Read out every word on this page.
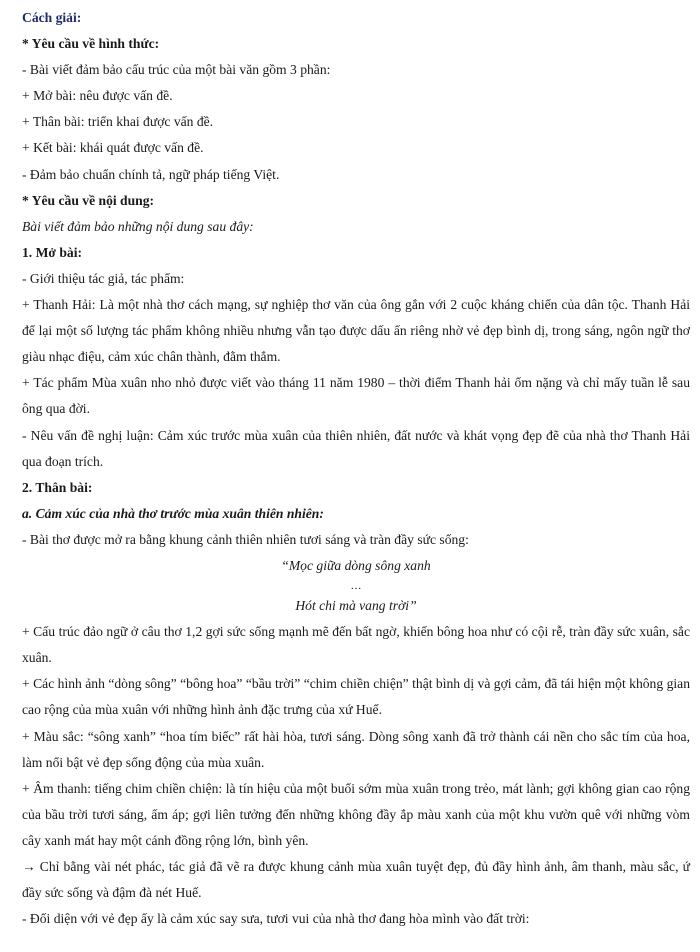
Cách giải:
* Yêu cầu về hình thức:
- Bài viết đảm bảo cấu trúc của một bài văn gồm 3 phần:
+ Mở bài: nêu được vấn đề.
+ Thân bài: triển khai được vấn đề.
+ Kết bài: khái quát được vấn đề.
- Đảm bảo chuẩn chính tả, ngữ pháp tiếng Việt.
* Yêu cầu về nội dung:
Bài viết đảm bảo những nội dung sau đây:
1. Mở bài:
- Giới thiệu tác giả, tác phẩm:
+ Thanh Hải: Là một nhà thơ cách mạng, sự nghiệp thơ văn của ông gắn với 2 cuộc kháng chiến của dân tộc. Thanh Hải để lại một số lượng tác phẩm không nhiều nhưng vẫn tạo được dấu ấn riêng nhờ vẻ đẹp bình dị, trong sáng, ngôn ngữ thơ giàu nhạc điệu, cảm xúc chân thành, đằm thắm.
+ Tác phẩm Mùa xuân nho nhỏ được viết vào tháng 11 năm 1980 – thời điểm Thanh hải ốm nặng và chỉ mấy tuần lễ sau ông qua đời.
- Nêu vấn đề nghị luận: Cảm xúc trước mùa xuân của thiên nhiên, đất nước và khát vọng đẹp đẽ của nhà thơ Thanh Hải qua đoạn trích.
2. Thân bài:
a. Cảm xúc của nhà thơ trước mùa xuân thiên nhiên:
- Bài thơ được mở ra bằng khung cảnh thiên nhiên tươi sáng và tràn đầy sức sống:
“Mọc giữa dòng sông xanh
…
Hót chi mà vang trời”
+ Cấu trúc đảo ngữ ở câu thơ 1,2 gợi sức sống mạnh mẽ đến bất ngờ, khiến bông hoa như có cội rễ, tràn đầy sức xuân, sắc xuân.
+ Các hình ảnh “dòng sông” “bông hoa” “bầu trời” “chim chiền chiện” thật bình dị và gợi cảm, đã tái hiện một không gian cao rộng của mùa xuân với những hình ảnh đặc trưng của xứ Huế.
+ Màu sắc: “sông xanh” “hoa tím biếc” rất hài hòa, tươi sáng. Dòng sông xanh đã trở thành cái nền cho sắc tím của hoa, làm nổi bật vẻ đẹp sống động của mùa xuân.
+ Âm thanh: tiếng chim chiền chiện: là tín hiệu của một buổi sớm mùa xuân trong trẻo, mát lành; gợi không gian cao rộng của bầu trời tươi sáng, ấm áp; gợi liên tưởng đến những không đầy ắp màu xanh của một khu vườn quê với những vòm cây xanh mát hay một cánh đồng rộng lớn, bình yên.
→ Chỉ bằng vài nét phác, tác giả đã vẽ ra được khung cảnh mùa xuân tuyệt đẹp, đủ đầy hình ảnh, âm thanh, màu sắc, ứ đầy sức sống và đậm đà nét Huế.
- Đối diện với vẻ đẹp ấy là cảm xúc say sưa, tươi vui của nhà thơ đang hòa mình vào đất trời:
